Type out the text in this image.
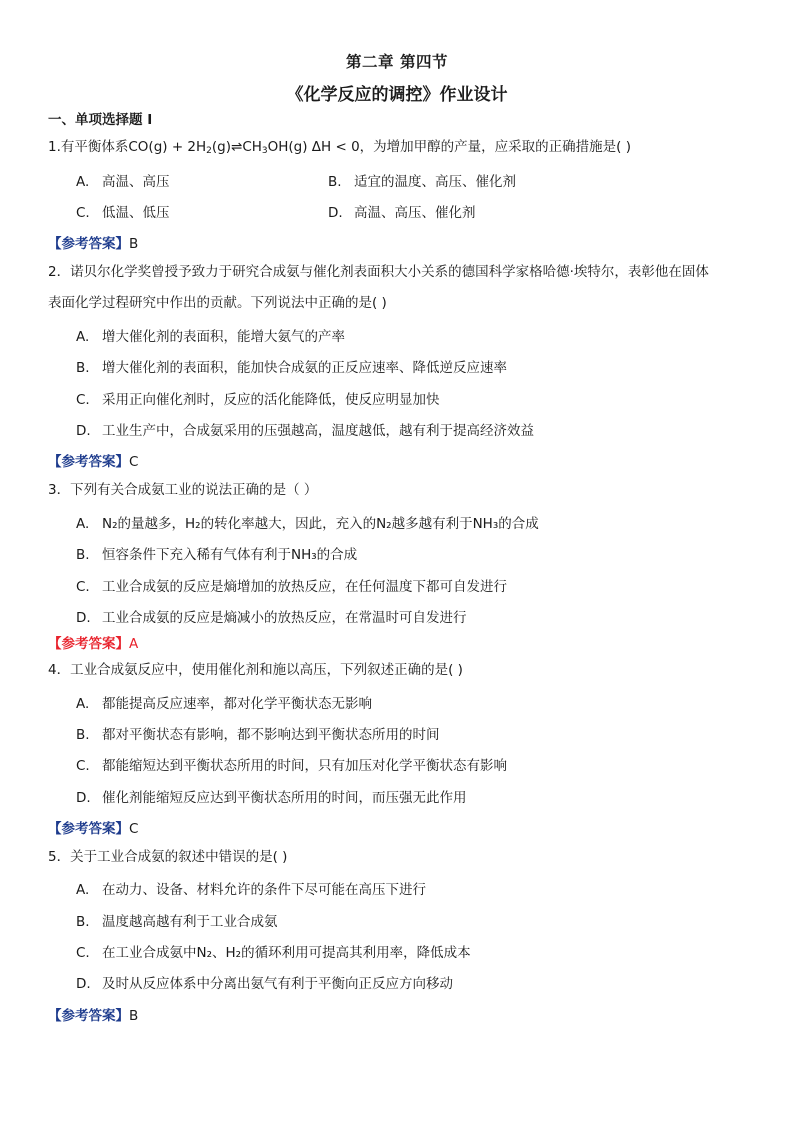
第二章 第四节
《化学反应的调控》作业设计
一、单项选择题 I
1.有平衡体系$CO(g) + 2H_2(g)\rightleftharpoons CH_3OH(g) \Delta H < 0$，为增加甲醇的产量，应采取的正确措施是( )
A. 高温、高压	B. 适宜的温度、高压、催化剂
C. 低温、低压	D. 高温、高压、催化剂
【参考答案】B
2．诺贝尔化学奖曾授予致力于研究合成氨与催化剂表面积大小关系的德国科学家格哈德·埃特尔，表彰他在固体
表面化学过程研究中作出的贡献。下列说法中正确的是( )
A. 增大催化剂的表面积，能增大氨气的产率
B. 增大催化剂的表面积，能加快合成氨的正反应速率、降低逆反应速率
C. 采用正向催化剂时，反应的活化能降低，使反应明显加快
D. 工业生产中，合成氨采用的压强越高，温度越低，越有利于提高经济效益
【参考答案】C
3．下列有关合成氨工业的说法正确的是（ ）
A. N₂的量越多，H₂的转化率越大，因此，充入的N₂越多越有利于NH₃的合成
B. 恒容条件下充入稀有气体有利于NH₃的合成
C. 工业合成氨的反应是熵增加的放热反应，在任何温度下都可自发进行
D. 工业合成氨的反应是熵减小的放热反应，在常温时可自发进行
【参考答案】A
4．工业合成氨反应中，使用催化剂和施以高压，下列叙述正确的是( )
A. 都能提高反应速率，都对化学平衡状态无影响
B. 都对平衡状态有影响，都不影响达到平衡状态所用的时间
C. 都能缩短达到平衡状态所用的时间，只有加压对化学平衡状态有影响
D. 催化剂能缩短反应达到平衡状态所用的时间，而压强无此作用
【参考答案】C
5．关于工业合成氨的叙述中错误的是( )
A. 在动力、设备、材料允许的条件下尽可能在高压下进行
B. 温度越高越有利于工业合成氨
C. 在工业合成氨中N₂、H₂的循环利用可提高其利用率，降低成本
D. 及时从反应体系中分离出氨气有利于平衡向正反应方向移动
【参考答案】B
